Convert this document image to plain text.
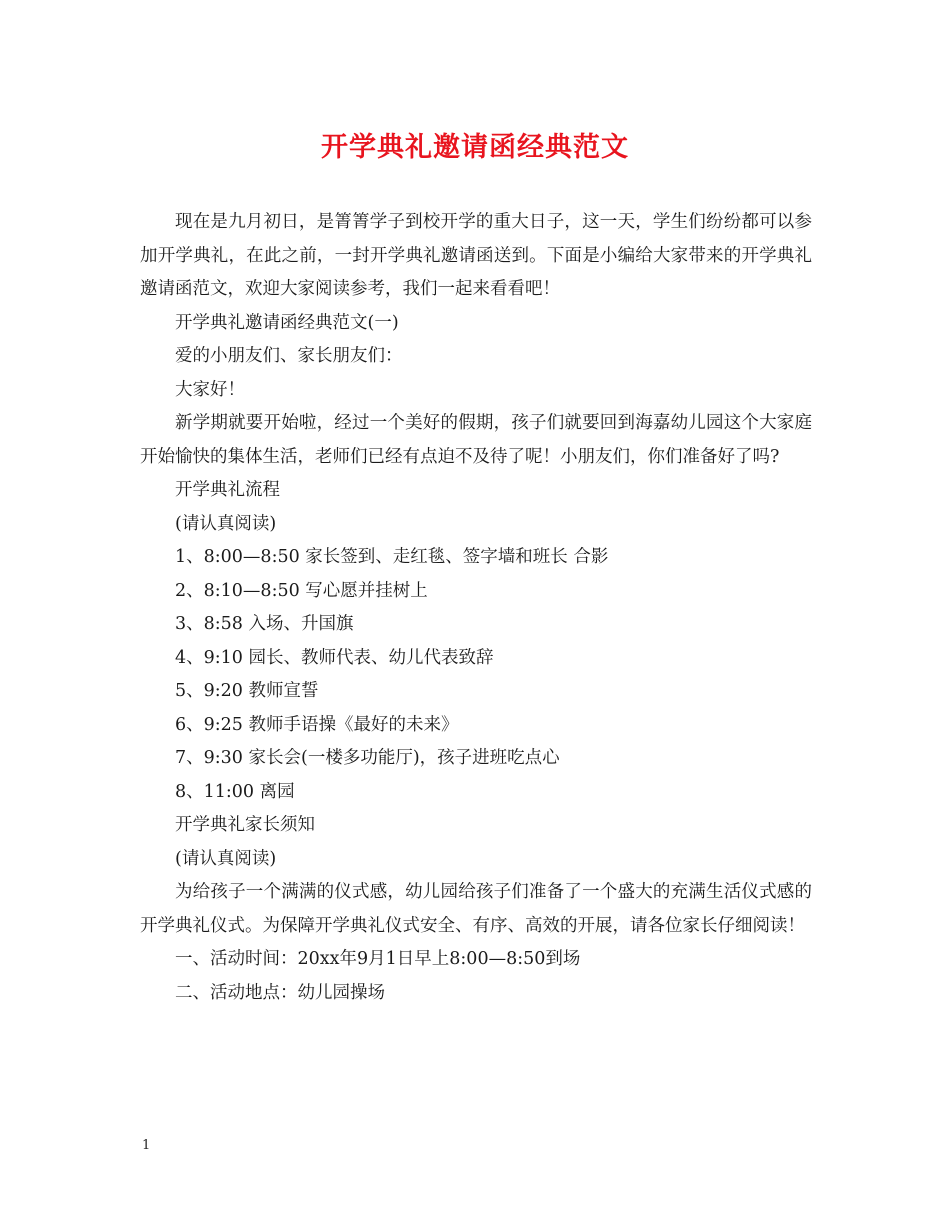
开学典礼邀请函经典范文

现在是九月初日，是箐箐学子到校开学的重大日子，这一天，学生们纷纷都可以参加开学典礼，在此之前，一封开学典礼邀请函送到。下面是小编给大家带来的开学典礼邀请函范文，欢迎大家阅读参考，我们一起来看看吧！

开学典礼邀请函经典范文(一)

爱的小朋友们、家长朋友们：

大家好！

新学期就要开始啦，经过一个美好的假期，孩子们就要回到海嘉幼儿园这个大家庭开始愉快的集体生活，老师们已经有点迫不及待了呢！小朋友们，你们准备好了吗?

开学典礼流程

(请认真阅读)

1、8:00—8:50 家长签到、走红毯、签字墙和班长 合影

2、8:10—8:50 写心愿并挂树上

3、8:58 入场、升国旗

4、9:10 园长、教师代表、幼儿代表致辞

5、9:20 教师宣誓

6、9:25 教师手语操《最好的未来》

7、9:30 家长会(一楼多功能厅)，孩子进班吃点心

8、11:00 离园

开学典礼家长须知

(请认真阅读)

为给孩子一个满满的仪式感，幼儿园给孩子们准备了一个盛大的充满生活仪式感的开学典礼仪式。为保障开学典礼仪式安全、有序、高效的开展，请各位家长仔细阅读！

一、活动时间：20xx年9月1日早上8:00—8:50到场

二、活动地点：幼儿园操场

1
